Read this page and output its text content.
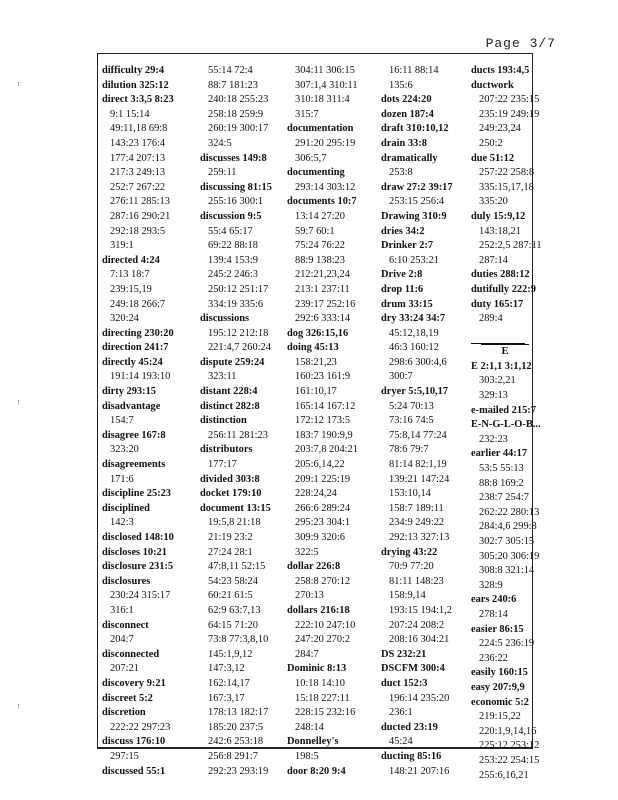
Page 3/7
difficulty 29:4
dilution 325:12
direct 3:3,5 8:23
9:1 15:14
49:11,18 69:8
143:23 176:4
177:4 207:13
217:3 249:13
252:7 267:22
276:11 285:13
287:16 290:21
292:18 293:5
319:1
directed 4:24
7:13 18:7
239:15,19
249:18 266:7
320:24
directing 230:20
direction 241:7
directly 45:24
191:14 193:10
dirty 293:15
disadvantage
154:7
disagree 167:8
323:20
disagreements
171:6
discipline 25:23
disciplined
142:3
disclosed 148:10
discloses 10:21
disclosure 231:5
disclosures
230:24 315:17
316:1
disconnect
204:7
disconnected
207:21
discovery 9:21
discreet 5:2
discretion
222:22 297:23
discuss 176:10
297:15
discussed 55:1
55:14 72:4
88:7 181:23
240:18 255:23
258:18 259:9
260:19 300:17
324:5
discusses 149:8
259:11
discussing 81:15
255:16 300:1
discussion 9:5
55:4 65:17
69:22 88:18
139:4 153:9
245:2 246:3
250:12 251:17
334:19 335:6
discussions
195:12 212:18
221:4,7 260:24
dispute 259:24
323:11
distant 228:4
distinct 282:8
distinction
256:11 281:23
distributors
177:17
divided 303:8
docket 179:10
document 13:15
19:5,8 21:18
21:19 23:2
27:24 28:1
47:8,11 52:15
54:23 58:24
60:21 61:5
62:9 63:7,13
64:15 71:20
73:8 77:3,8,10
145:1,9,12
147:3,12
162:14,17
167:3,17
178:13 182:17
185:20 237:5
242:6 253:18
256:8 291:7
292:23 293:19
304:11 306:15
307:1,4 310:11
310:18 311:4
315:7
documentation
291:20 295:19
306:5,7
documenting
293:14 303:12
documents 10:7
13:14 27:20
59:7 60:1
75:24 76:22
88:9 138:23
212:21,23,24
213:1 237:11
239:17 252:16
292:6 333:14
dog 326:15,16
doing 45:13
158:21,23
160:23 161:9
161:10,17
165:14 167:12
172:12 173:5
183:7 190:9,9
203:7,8 204:21
205:6,14,22
209:1 225:19
228:24,24
266:6 289:24
295:23 304:1
309:9 320:6
322:5
dollar 226:8
258:8 270:12
270:13
dollars 216:18
222:10 247:10
247:20 270:2
284:7
Dominic 8:13
10:18 14:10
15:18 227:11
228:15 232:16
248:14
Donnelley's
198:5
door 8:20 9:4
16:11 88:14
135:6
dots 224:20
dozen 187:4
draft 310:10,12
drain 33:8
dramatically
253:8
draw 27:2 39:17
253:15 256:4
Drawing 310:9
dries 34:2
Drinker 2:7
6:10 253:21
Drive 2:8
drop 11:6
drum 33:15
dry 33:24 34:7
45:12,18,19
46:3 160:12
298:6 300:4,6
300:7
dryer 5:5,10,17
5:24 70:13
73:16 74:5
75:8,14 77:24
78:6 79:7
81:14 82:1,19
139:21 147:24
153:10,14
158:7 189:11
234:9 249:22
292:13 327:13
drying 43:22
70:9 77:20
81:11 148:23
158:9,14
193:15 194:1,2
207:24 208:2
208:16 304:21
DS 232:21
DSCFM 300:4
duct 152:3
196:14 235:20
236:1
ducted 23:19
45:24
ducting 85:16
148:21 207:16
ducts 193:4,5
ductwork
207:22 235:15
235:19 249:19
249:23,24
250:2
due 51:12
257:22 258:8
335:15,17,18
335:20
duly 15:9,12
143:18,21
252:2,5 287:11
287:14
duties 288:12
dutifully 222:9
duty 165:17
289:4
E
E 2:1,1 3:1,12
303:2,21
329:13
e-mailed 215:7
E-N-G-L-O-B...
232:23
earlier 44:17
53:5 55:13
88:8 169:2
238:7 254:7
262:22 280:13
284:4,6 299:8
302:7 305:15
305:20 306:19
308:8 321:14
328:9
ears 240:6
278:14
easier 86:15
224:5 236:19
236:22
easily 160:15
easy 207:9,9
economic 5:2
219:15,22
220:1,9,14,16
225:12 253:12
253:22 254:15
255:6,16,21
